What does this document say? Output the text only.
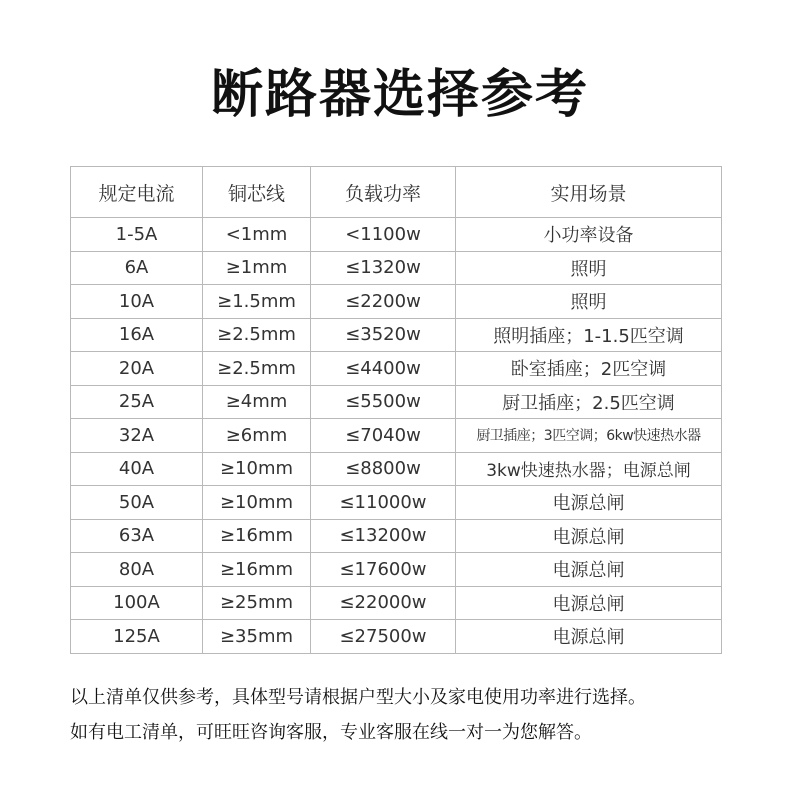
断路器选择参考
规定电流	铜芯线	负载功率	实用场景
1-5A	<1mm	<1100w	小功率设备
6A	≥1mm	≤1320w	照明
10A	≥1.5mm	≤2200w	照明
16A	≥2.5mm	≤3520w	照明插座；1-1.5匹空调
20A	≥2.5mm	≤4400w	卧室插座；2匹空调
25A	≥4mm	≤5500w	厨卫插座；2.5匹空调
32A	≥6mm	≤7040w	厨卫插座；3匹空调；6kw快速热水器
40A	≥10mm	≤8800w	3kw快速热水器；电源总闸
50A	≥10mm	≤11000w	电源总闸
63A	≥16mm	≤13200w	电源总闸
80A	≥16mm	≤17600w	电源总闸
100A	≥25mm	≤22000w	电源总闸
125A	≥35mm	≤27500w	电源总闸

以上清单仅供参考，具体型号请根据户型大小及家电使用功率进行选择。

如有电工清单，可旺旺咨询客服，专业客服在线一对一为您解答。
